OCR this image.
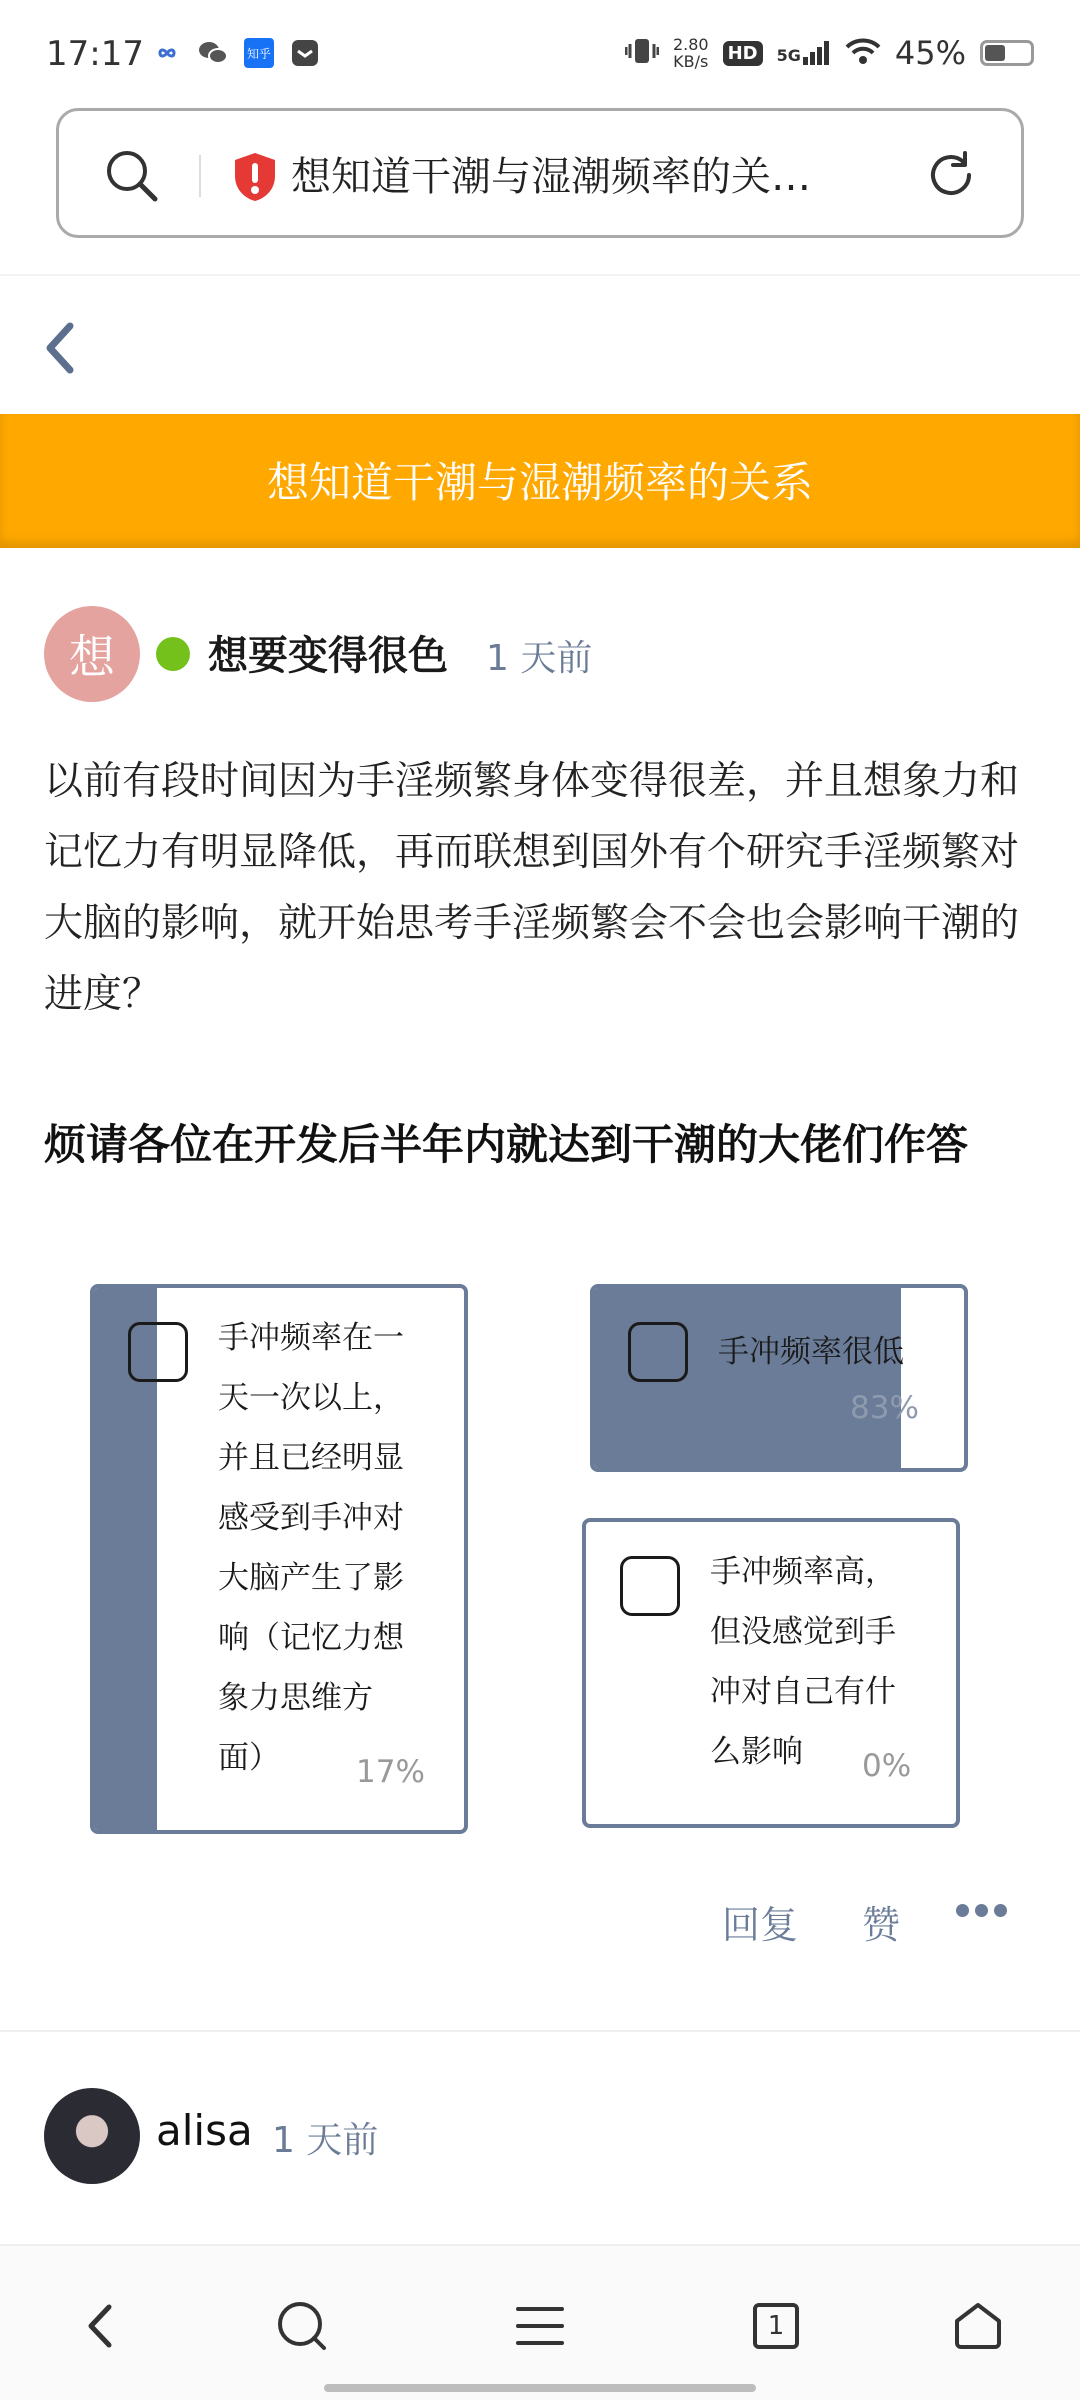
17:17	知乎	2.80
KB/s HD	5G	45%
想知道干潮与湿潮频率的关…
想知道干潮与湿潮频率的关系
想	想要变得很色 1 天前
以前有段时间因为手淫频繁身体变得很差，并且想象力和记忆力有明显降低，再而联想到国外有个研究手淫频繁对大脑的影响，就开始思考手淫频繁会不会也会影响干潮的进度？
烦请各位在开发后半年内就达到干潮的大佬们作答
手冲频率在一天一次以上，并且已经明显感受到手冲对大脑产生了影响（记忆力想象力思维方面）	17%
手冲频率很低
83%
手冲频率高，但没感觉到手冲对自己有什么影响	0%
回复 赞
alisa 1 天前
1
